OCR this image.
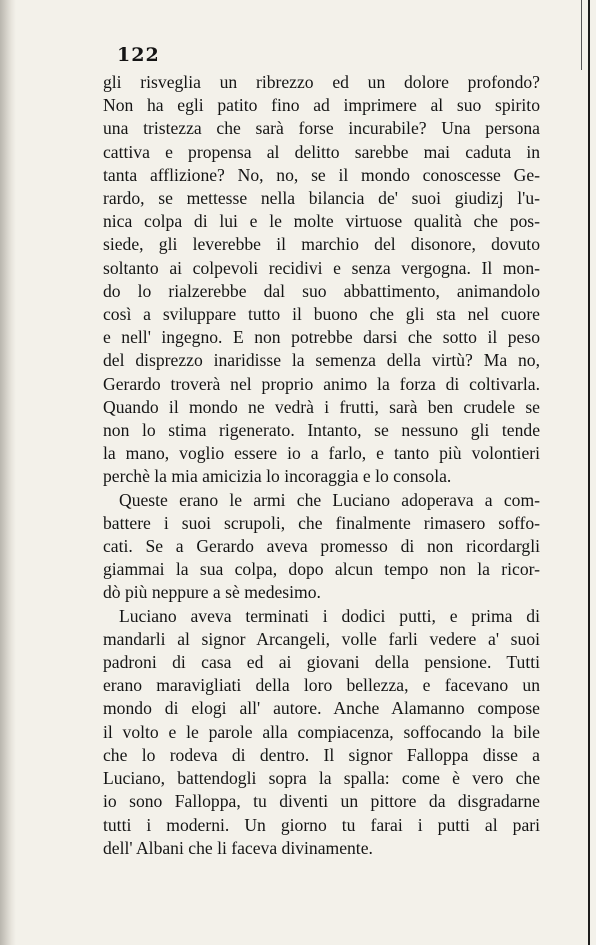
122
gli risveglia un ribrezzo ed un dolore profondo?
Non ha egli patito fino ad imprimere al suo spirito
una tristezza che sarà forse incurabile? Una persona
cattiva e propensa al delitto sarebbe mai caduta in
tanta afflizione? No, no, se il mondo conoscesse Ge-
rardo, se mettesse nella bilancia de' suoi giudizj l'u-
nica colpa di lui e le molte virtuose qualità che pos-
siede, gli leverebbe il marchio del disonore, dovuto
soltanto ai colpevoli recidivi e senza vergogna. Il mon-
do lo rialzerebbe dal suo abbattimento, animandolo
così a sviluppare tutto il buono che gli sta nel cuore
e nell' ingegno. E non potrebbe darsi che sotto il peso
del disprezzo inaridisse la semenza della virtù? Ma no,
Gerardo troverà nel proprio animo la forza di coltivarla.
Quando il mondo ne vedrà i frutti, sarà ben crudele se
non lo stima rigenerato. Intanto, se nessuno gli tende
la mano, voglio essere io a farlo, e tanto più volontieri
perchè la mia amicizia lo incoraggia e lo consola.
Queste erano le armi che Luciano adoperava a com-
battere i suoi scrupoli, che finalmente rimasero soffo-
cati. Se a Gerardo aveva promesso di non ricordargli
giammai la sua colpa, dopo alcun tempo non la ricor-
dò più neppure a sè medesimo.
Luciano aveva terminati i dodici putti, e prima di
mandarli al signor Arcangeli, volle farli vedere a' suoi
padroni di casa ed ai giovani della pensione. Tutti
erano maravigliati della loro bellezza, e facevano un
mondo di elogi all' autore. Anche Alamanno compose
il volto e le parole alla compiacenza, soffocando la bile
che lo rodeva di dentro. Il signor Falloppa disse a
Luciano, battendogli sopra la spalla: come è vero che
io sono Falloppa, tu diventi un pittore da disgradarne
tutti i moderni. Un giorno tu farai i putti al pari
dell' Albani che li faceva divinamente.
